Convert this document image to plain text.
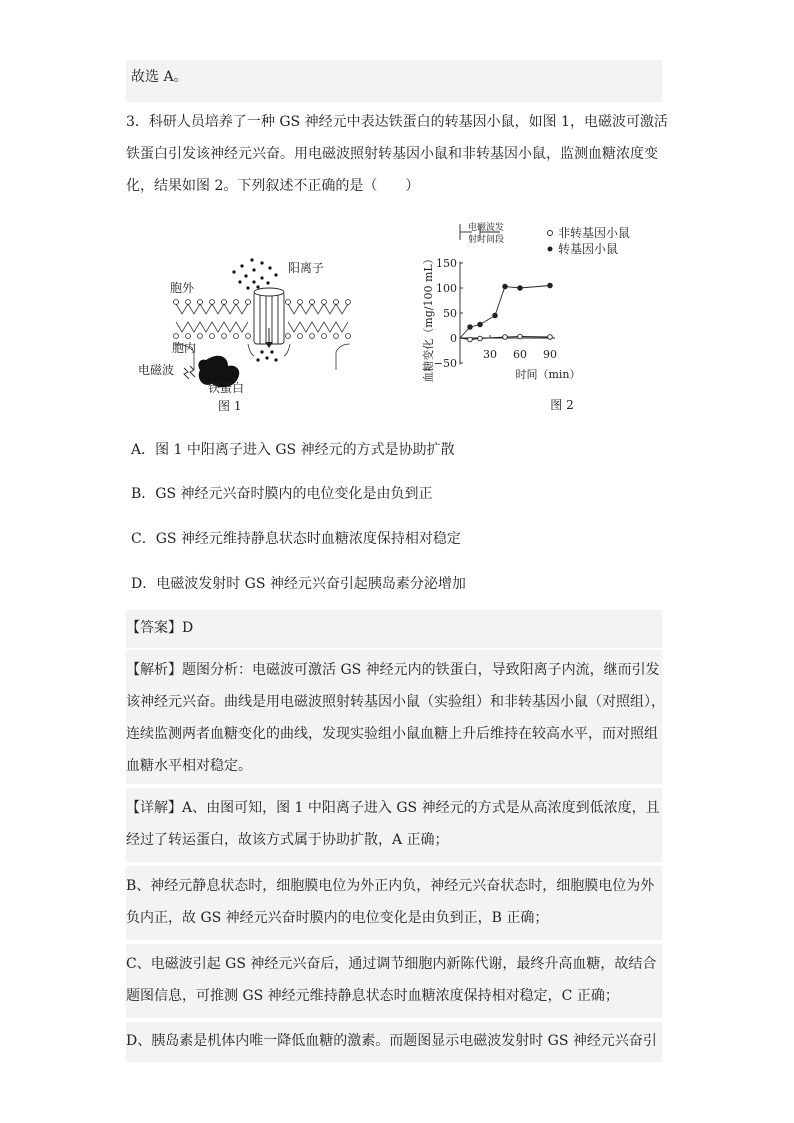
故选 A。
3．科研人员培养了一种 GS 神经元中表达铁蛋白的转基因小鼠，如图 1，电磁波可激活
铁蛋白引发该神经元兴奋。用电磁波照射转基因小鼠和非转基因小鼠，监测血糖浓度变
化，结果如图 2。下列叙述不正确的是（　　）
阳离子
胞外
胞内
电磁波
铁蛋白
图 1
电磁波发
射时间段	非转基因小鼠
转基因小鼠
血糖变化（mg/100 mL）	时间（min）
150
100
50
0
−50
30 60 90
图 2
A．图 1 中阳离子进入 GS 神经元的方式是协助扩散
B．GS 神经元兴奋时膜内的电位变化是由负到正
C．GS 神经元维持静息状态时血糖浓度保持相对稳定
D．电磁波发射时 GS 神经元兴奋引起胰岛素分泌增加
【答案】D
【解析】题图分析：电磁波可激活 GS 神经元内的铁蛋白，导致阳离子内流，继而引发
该神经元兴奋。曲线是用电磁波照射转基因小鼠（实验组）和非转基因小鼠（对照组），
连续监测两者血糖变化的曲线，发现实验组小鼠血糖上升后维持在较高水平，而对照组
血糖水平相对稳定。
【详解】A、由图可知，图 1 中阳离子进入 GS 神经元的方式是从高浓度到低浓度，且
经过了转运蛋白，故该方式属于协助扩散，A 正确；
B、神经元静息状态时，细胞膜电位为外正内负，神经元兴奋状态时，细胞膜电位为外
负内正，故 GS 神经元兴奋时膜内的电位变化是由负到正，B 正确；
C、电磁波引起 GS 神经元兴奋后，通过调节细胞内新陈代谢，最终升高血糖，故结合
题图信息，可推测 GS 神经元维持静息状态时血糖浓度保持相对稳定，C 正确；
D、胰岛素是机体内唯一降低血糖的激素。而题图显示电磁波发射时 GS 神经元兴奋引
